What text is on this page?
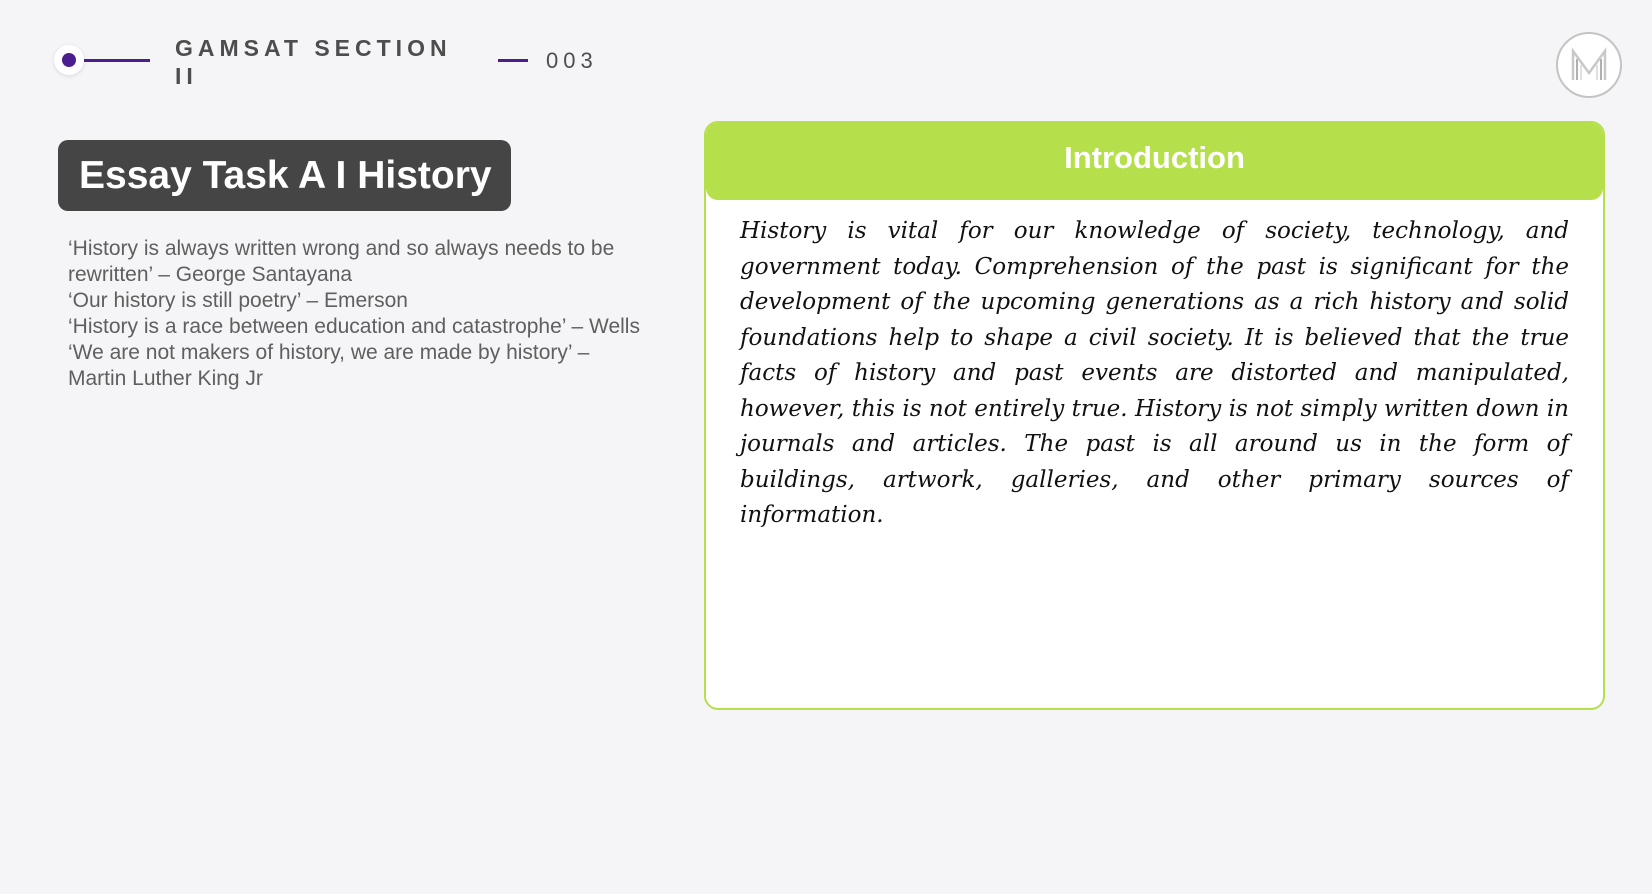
GAMSAT SECTION II
003
Essay Task A I History

‘History is always written wrong and so always needs to be rewritten’ – George Santayana

‘Our history is still poetry’ – Emerson

‘History is a race between education and catastrophe’ – Wells

‘We are not makers of history, we are made by history’ – Martin Luther King Jr

Introduction
History is vital for our knowledge of society, technology, and government today. Comprehension of the past is significant for the development of the upcoming generations as a rich history and solid foundations help to shape a civil society. It is believed that the true facts of history and past events are distorted and manipulated, however, this is not entirely true. History is not simply written down in journals and articles. The past is all around us in the form of buildings, artwork, galleries, and other primary sources of information.
